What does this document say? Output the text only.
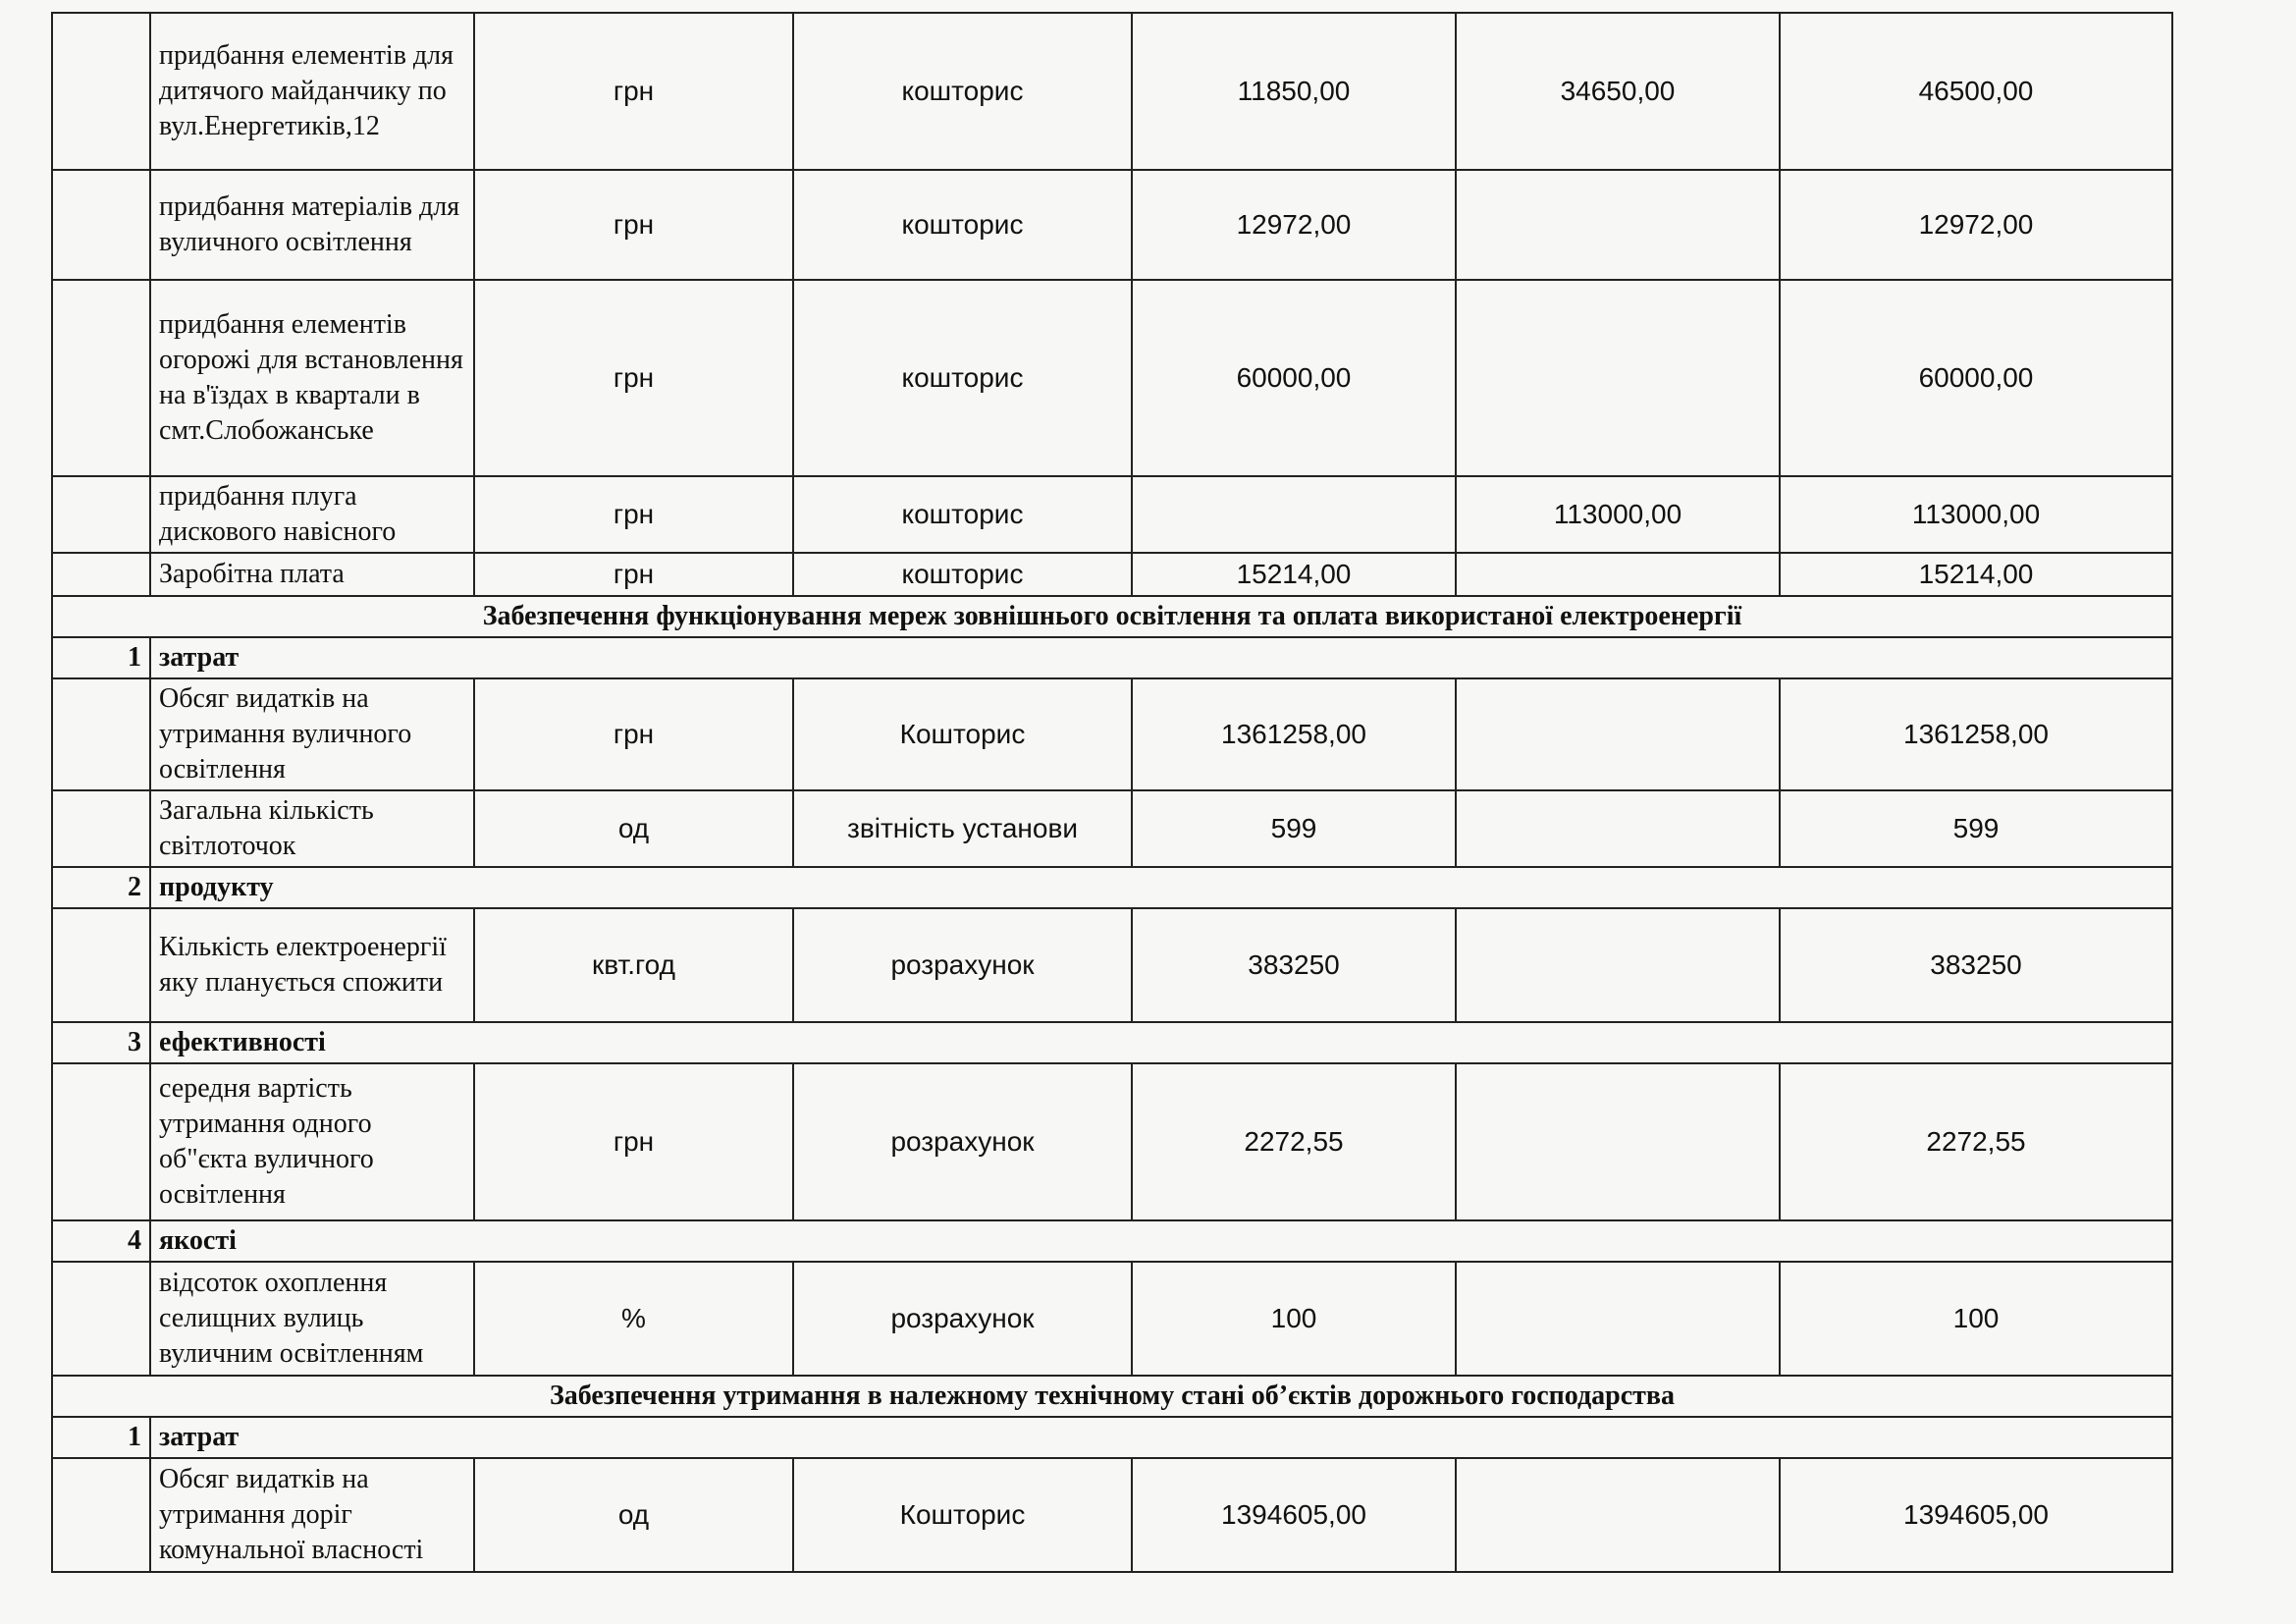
	придбання елементів для дитячого майданчику по вул.Енергетиків,12	грн	кошторис	11850,00	34650,00	46500,00
	придбання матеріалів для вуличного освітлення	грн	кошторис	12972,00		12972,00
	придбання елементів огорожі для встановлення на в'їздах в квартали в смт.Слобожанське	грн	кошторис	60000,00		60000,00
	придбання плуга дискового навісного	грн	кошторис		113000,00	113000,00
	Заробітна плата	грн	кошторис	15214,00		15214,00
Забезпечення функціонування мереж зовнішнього освітлення та оплата використаної електроенергії						
1	затрат					
	Обсяг видатків на утримання вуличного освітлення	грн	Кошторис	1361258,00		1361258,00
	Загальна кількість світлоточок	од	звітність установи	599		599
2	продукту					
	Кількість електроенергії яку планується спожити	квт.год	розрахунок	383250		383250
3	ефективності					
	середня вартість утримання одного об"єкта вуличного освітлення	грн	розрахунок	2272,55		2272,55
4	якості					
	відсоток охоплення селищних вулиць вуличним освітленням	%	розрахунок	100		100
Забезпечення утримання в належному технічному стані об’єктів дорожнього господарства						
1	затрат					
	Обсяг видатків на утримання доріг комунальної власності	од	Кошторис	1394605,00		1394605,00
